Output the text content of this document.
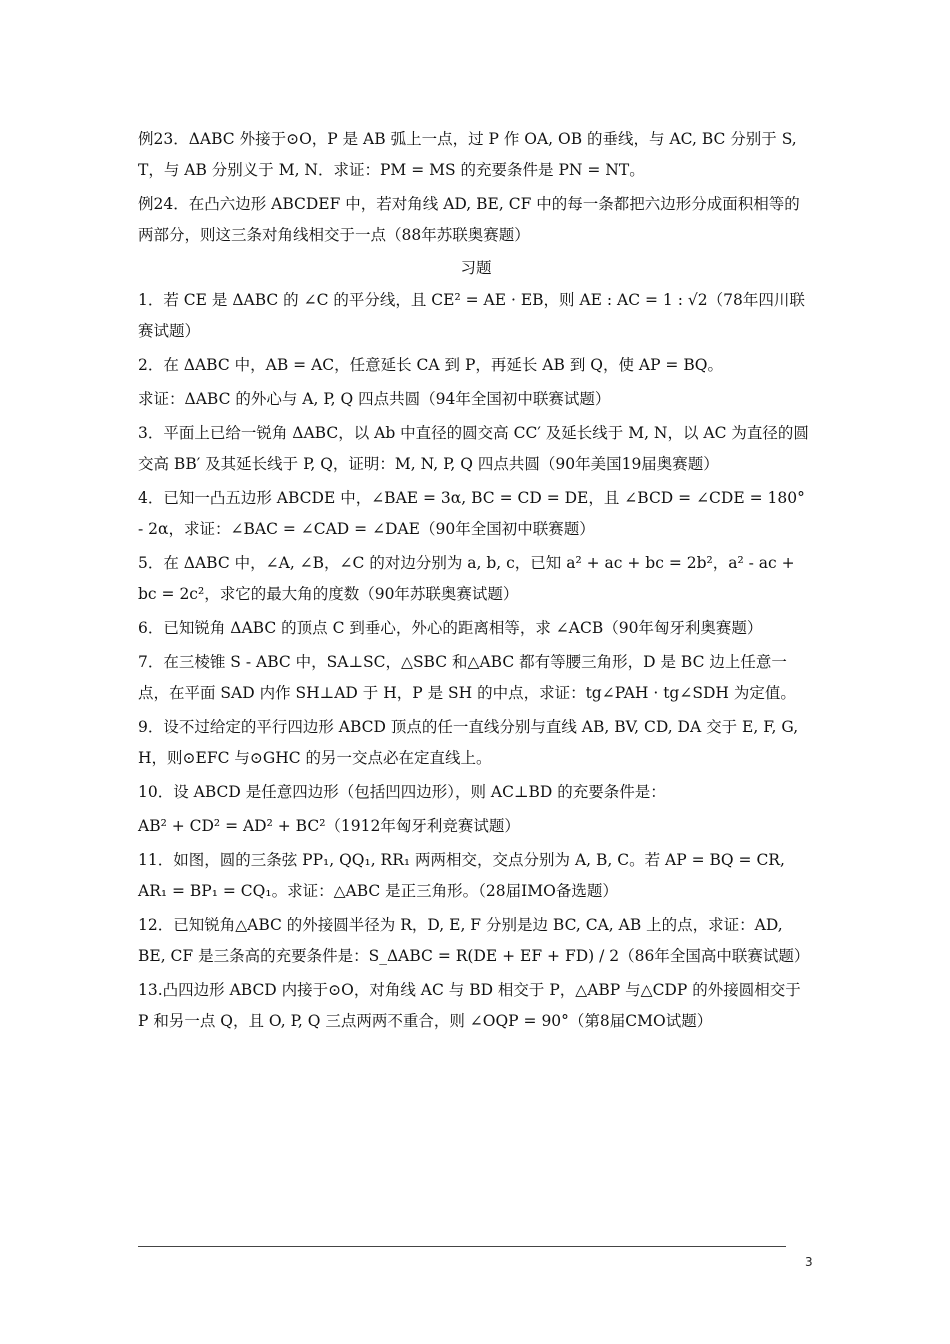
例23．ΔABC 外接于⊙O，P 是 AB 弧上一点，过 P 作 OA, OB 的垂线，与 AC, BC 分别于 S, T，与 AB 分别义于 M, N．求证：PM = MS 的充要条件是 PN = NT。

例24．在凸六边形 ABCDEF 中，若对角线 AD, BE, CF 中的每一条都把六边形分成面积相等的两部分，则这三条对角线相交于一点（88年苏联奥赛题）

习题

1．若 CE 是 ΔABC 的 ∠C 的平分线，且 CE² = AE · EB，则 AE : AC = 1 : √2（78年四川联赛试题）

2．在 ΔABC 中，AB = AC，任意延长 CA 到 P，再延长 AB 到 Q，使 AP = BQ。

求证：ΔABC 的外心与 A, P, Q 四点共圆（94年全国初中联赛试题）

3．平面上已给一锐角 ΔABC，以 Ab 中直径的圆交高 CC′ 及延长线于 M, N，以 AC 为直径的圆交高 BB′ 及其延长线于 P, Q，证明：M, N, P, Q 四点共圆（90年美国19届奥赛题）

4．已知一凸五边形 ABCDE 中，∠BAE = 3α, BC = CD = DE，且 ∠BCD = ∠CDE = 180° - 2α，求证：∠BAC = ∠CAD = ∠DAE（90年全国初中联赛题）

5．在 ΔABC 中，∠A, ∠B，∠C 的对边分别为 a, b, c，已知 a² + ac + bc = 2b²，a² - ac + bc = 2c²，求它的最大角的度数（90年苏联奥赛试题）

6．已知锐角 ΔABC 的顶点 C 到垂心，外心的距离相等，求 ∠ACB（90年匈牙利奥赛题）

7．在三棱锥 S - ABC 中，SA⊥SC，△SBC 和△ABC 都有等腰三角形，D 是 BC 边上任意一点，在平面 SAD 内作 SH⊥AD 于 H，P 是 SH 的中点，求证：tg∠PAH · tg∠SDH 为定值。

9．设不过给定的平行四边形 ABCD 顶点的任一直线分别与直线 AB, BV, CD, DA 交于 E, F, G, H，则⊙EFC 与⊙GHC 的另一交点必在定直线上。

10．设 ABCD 是任意四边形（包括凹四边形），则 AC⊥BD 的充要条件是：

AB² + CD² = AD² + BC²（1912年匈牙利竞赛试题）

11．如图，圆的三条弦 PP₁, QQ₁, RR₁ 两两相交，交点分别为 A, B, C。若 AP = BQ = CR, AR₁ = BP₁ = CQ₁。求证：△ABC 是正三角形。（28届IMO备选题）

12．已知锐角△ABC 的外接圆半径为 R，D, E, F 分别是边 BC, CA, AB 上的点，求证：AD, BE, CF 是三条高的充要条件是：S_ΔABC = R(DE + EF + FD) / 2（86年全国高中联赛试题）

13.凸四边形 ABCD 内接于⊙O，对角线 AC 与 BD 相交于 P，△ABP 与△CDP 的外接圆相交于 P 和另一点 Q，且 O, P, Q 三点两两不重合，则 ∠OQP = 90°（第8届CMO试题）

3
